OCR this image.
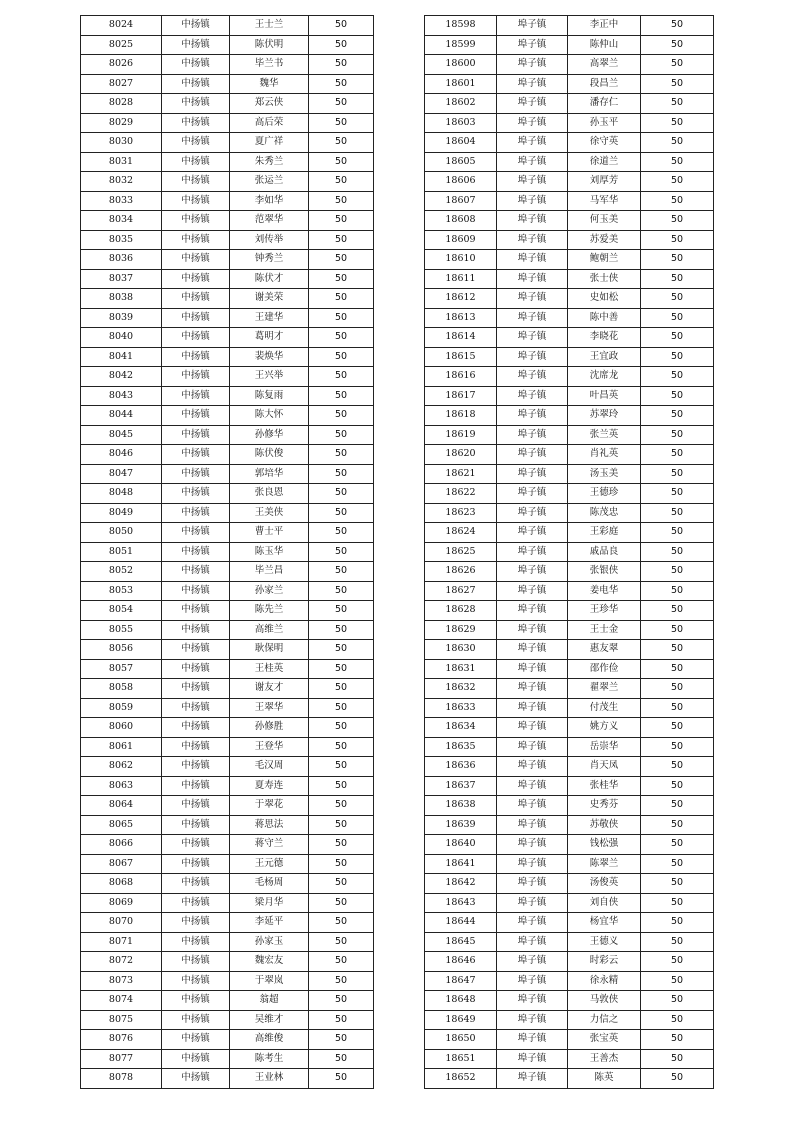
8024	中扬镇	王士兰	50
8025	中扬镇	陈伏明	50
8026	中扬镇	毕兰书	50
8027	中扬镇	魏华	50
8028	中扬镇	郑云侠	50
8029	中扬镇	高后荣	50
8030	中扬镇	夏广祥	50
8031	中扬镇	朱秀兰	50
8032	中扬镇	张运兰	50
8033	中扬镇	李如华	50
8034	中扬镇	范翠华	50
8035	中扬镇	刘传举	50
8036	中扬镇	钟秀兰	50
8037	中扬镇	陈伏才	50
8038	中扬镇	谢美荣	50
8039	中扬镇	王建华	50
8040	中扬镇	葛明才	50
8041	中扬镇	裴焕华	50
8042	中扬镇	王兴举	50
8043	中扬镇	陈复雨	50
8044	中扬镇	陈大怀	50
8045	中扬镇	孙修华	50
8046	中扬镇	陈伏俊	50
8047	中扬镇	郭培华	50
8048	中扬镇	张良恩	50
8049	中扬镇	王美侠	50
8050	中扬镇	曹士平	50
8051	中扬镇	陈玉华	50
8052	中扬镇	毕兰昌	50
8053	中扬镇	孙家兰	50
8054	中扬镇	陈先兰	50
8055	中扬镇	高维兰	50
8056	中扬镇	耿保明	50
8057	中扬镇	王桂英	50
8058	中扬镇	谢友才	50
8059	中扬镇	王翠华	50
8060	中扬镇	孙修胜	50
8061	中扬镇	王登华	50
8062	中扬镇	毛汉周	50
8063	中扬镇	夏寿连	50
8064	中扬镇	于翠花	50
8065	中扬镇	蒋思法	50
8066	中扬镇	蒋守兰	50
8067	中扬镇	王元德	50
8068	中扬镇	毛杨周	50
8069	中扬镇	梁月华	50
8070	中扬镇	李延平	50
8071	中扬镇	孙家玉	50
8072	中扬镇	魏宏友	50
8073	中扬镇	于翠岚	50
8074	中扬镇	翁超	50
8075	中扬镇	吴维才	50
8076	中扬镇	高维俊	50
8077	中扬镇	陈考生	50
8078	中扬镇	王业林	50
18598	埠子镇	李正中	50
18599	埠子镇	陈仲山	50
18600	埠子镇	高翠兰	50
18601	埠子镇	段昌兰	50
18602	埠子镇	潘存仁	50
18603	埠子镇	孙玉平	50
18604	埠子镇	徐守英	50
18605	埠子镇	徐道兰	50
18606	埠子镇	刘厚芳	50
18607	埠子镇	马军华	50
18608	埠子镇	何玉美	50
18609	埠子镇	苏爱美	50
18610	埠子镇	鲍朝兰	50
18611	埠子镇	张士侠	50
18612	埠子镇	史如松	50
18613	埠子镇	陈中善	50
18614	埠子镇	李晓花	50
18615	埠子镇	王宜政	50
18616	埠子镇	沈席龙	50
18617	埠子镇	叶昌英	50
18618	埠子镇	苏翠玲	50
18619	埠子镇	张兰英	50
18620	埠子镇	肖礼英	50
18621	埠子镇	汤玉美	50
18622	埠子镇	王德珍	50
18623	埠子镇	陈茂忠	50
18624	埠子镇	王彩庭	50
18625	埠子镇	戚品良	50
18626	埠子镇	张银侠	50
18627	埠子镇	姜电华	50
18628	埠子镇	王珍华	50
18629	埠子镇	王士金	50
18630	埠子镇	惠友翠	50
18631	埠子镇	邵作俭	50
18632	埠子镇	翟翠兰	50
18633	埠子镇	付茂生	50
18634	埠子镇	姚方义	50
18635	埠子镇	岳崇华	50
18636	埠子镇	肖天凤	50
18637	埠子镇	张桂华	50
18638	埠子镇	史秀芬	50
18639	埠子镇	苏敬侠	50
18640	埠子镇	钱松强	50
18641	埠子镇	陈翠兰	50
18642	埠子镇	汤俊英	50
18643	埠子镇	刘自侠	50
18644	埠子镇	杨宜华	50
18645	埠子镇	王德义	50
18646	埠子镇	时彩云	50
18647	埠子镇	徐永精	50
18648	埠子镇	马敦侠	50
18649	埠子镇	力信之	50
18650	埠子镇	张宝英	50
18651	埠子镇	王善杰	50
18652	埠子镇	陈英	50
